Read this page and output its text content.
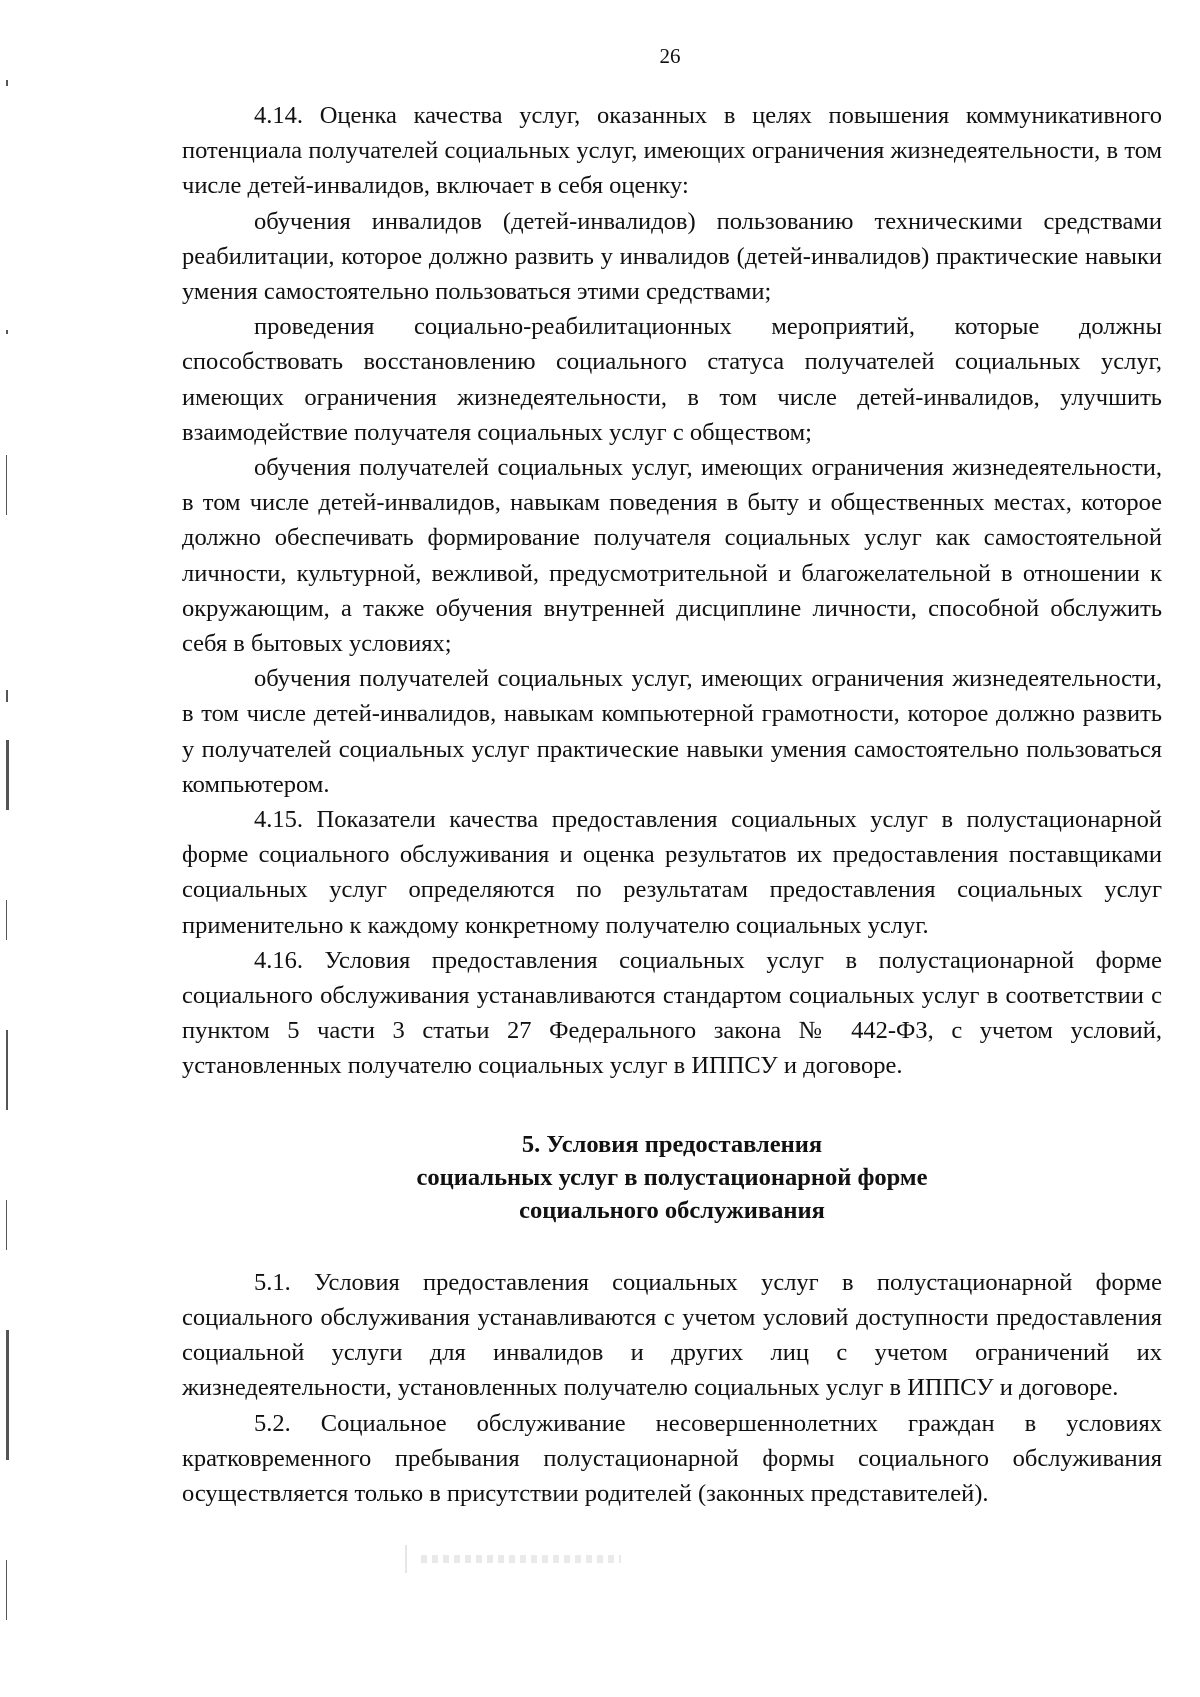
26

4.14. Оценка качества услуг, оказанных в целях повышения коммуникативного потенциала получателей социальных услуг, имеющих ограничения жизнедеятельности, в том числе детей-инвалидов, включает в себя оценку:

обучения инвалидов (детей-инвалидов) пользованию техническими средствами реабилитации, которое должно развить у инвалидов (детей-инвалидов) практические навыки умения самостоятельно пользоваться этими средствами;

проведения социально-реабилитационных мероприятий, которые должны способствовать восстановлению социального статуса получателей социальных услуг, имеющих ограничения жизнедеятельности, в том числе детей-инвалидов, улучшить взаимодействие получателя социальных услуг с обществом;

обучения получателей социальных услуг, имеющих ограничения жизнедеятельности, в том числе детей-инвалидов, навыкам поведения в быту и общественных местах, которое должно обеспечивать формирование получателя социальных услуг как самостоятельной личности, культурной, вежливой, предусмотрительной и благожелательной в отношении к окружающим, а также обучения внутренней дисциплине личности, способной обслужить себя в бытовых условиях;

обучения получателей социальных услуг, имеющих ограничения жизнедеятельности, в том числе детей-инвалидов, навыкам компьютерной грамотности, которое должно развить у получателей социальных услуг практические навыки умения самостоятельно пользоваться компьютером.

4.15. Показатели качества предоставления социальных услуг в полустационарной форме социального обслуживания и оценка результатов их предоставления поставщиками социальных услуг определяются по результатам предоставления социальных услуг применительно к каждому конкретному получателю социальных услуг.

4.16. Условия предоставления социальных услуг в полустационарной форме социального обслуживания устанавливаются стандартом социальных услуг в соответствии с пунктом 5 части 3 статьи 27 Федерального закона № 442-ФЗ, с учетом условий, установленных получателю социальных услуг в ИППСУ и договоре.

5. Условия предоставления
социальных услуг в полустационарной форме
социального обслуживания

5.1. Условия предоставления социальных услуг в полустационарной форме социального обслуживания устанавливаются с учетом условий доступности предоставления социальной услуги для инвалидов и других лиц с учетом ограничений их жизнедеятельности, установленных получателю социальных услуг в ИППСУ и договоре.

5.2. Социальное обслуживание несовершеннолетних граждан в условиях кратковременного пребывания полустационарной формы социального обслуживания осуществляется только в присутствии родителей (законных представителей).
